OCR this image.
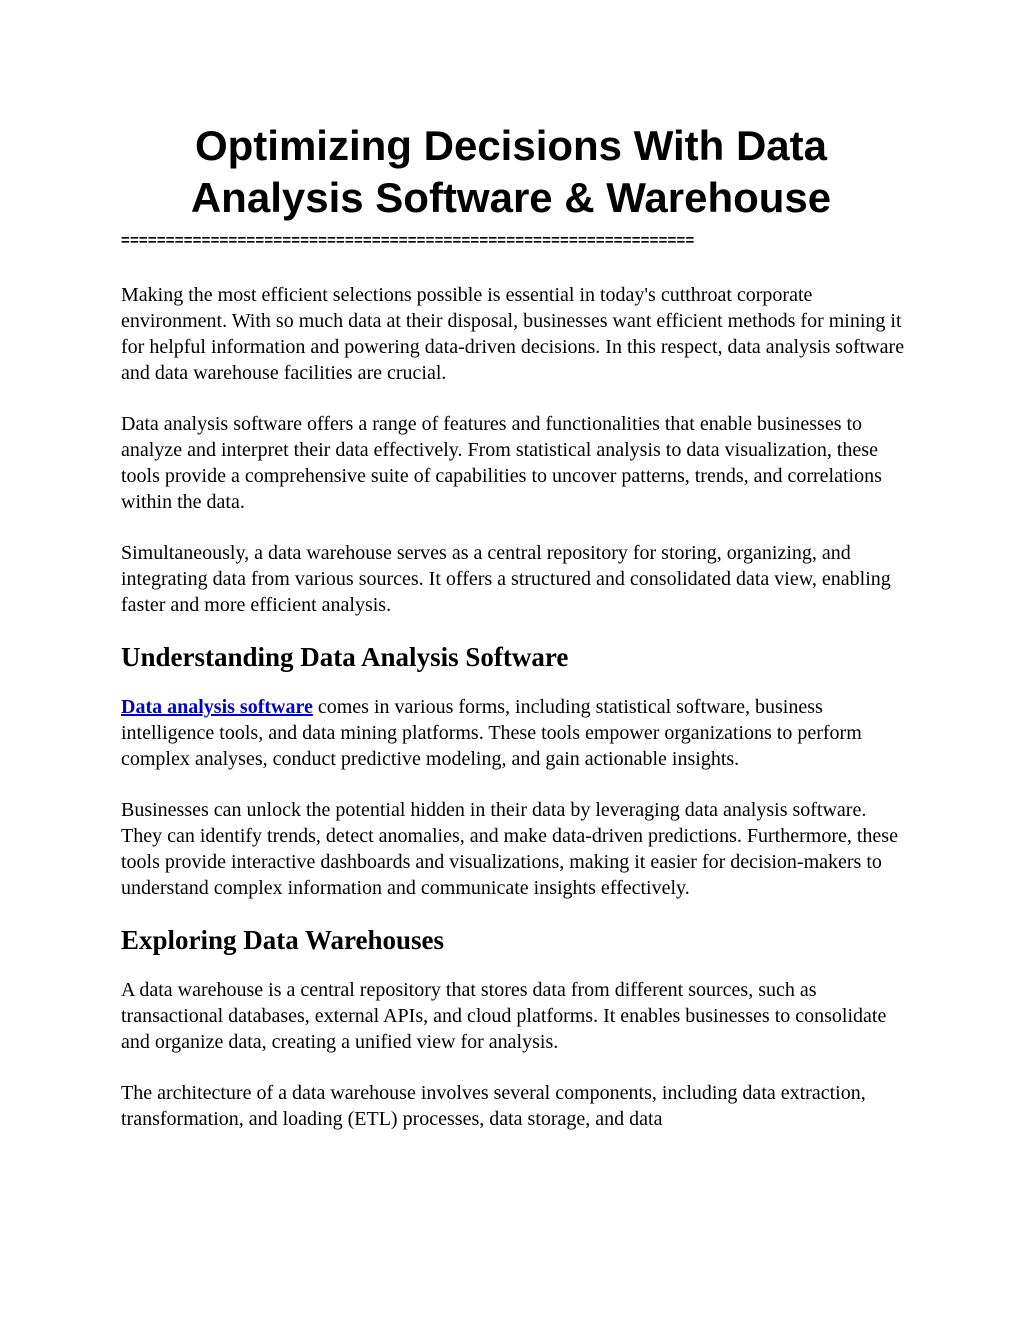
Optimizing Decisions With Data Analysis Software & Warehouse
================================================================

Making the most efficient selections possible is essential in today's cutthroat corporate environment. With so much data at their disposal, businesses want efficient methods for mining it for helpful information and powering data-driven decisions. In this respect, data analysis software and data warehouse facilities are crucial.

Data analysis software offers a range of features and functionalities that enable businesses to analyze and interpret their data effectively. From statistical analysis to data visualization, these tools provide a comprehensive suite of capabilities to uncover patterns, trends, and correlations within the data.

Simultaneously, a data warehouse serves as a central repository for storing, organizing, and integrating data from various sources. It offers a structured and consolidated data view, enabling faster and more efficient analysis.

Understanding Data Analysis Software

Data analysis software comes in various forms, including statistical software, business intelligence tools, and data mining platforms. These tools empower organizations to perform complex analyses, conduct predictive modeling, and gain actionable insights.

Businesses can unlock the potential hidden in their data by leveraging data analysis software. They can identify trends, detect anomalies, and make data-driven predictions. Furthermore, these tools provide interactive dashboards and visualizations, making it easier for decision-makers to understand complex information and communicate insights effectively.

Exploring Data Warehouses

A data warehouse is a central repository that stores data from different sources, such as transactional databases, external APIs, and cloud platforms. It enables businesses to consolidate and organize data, creating a unified view for analysis.

The architecture of a data warehouse involves several components, including data extraction, transformation, and loading (ETL) processes, data storage, and data
